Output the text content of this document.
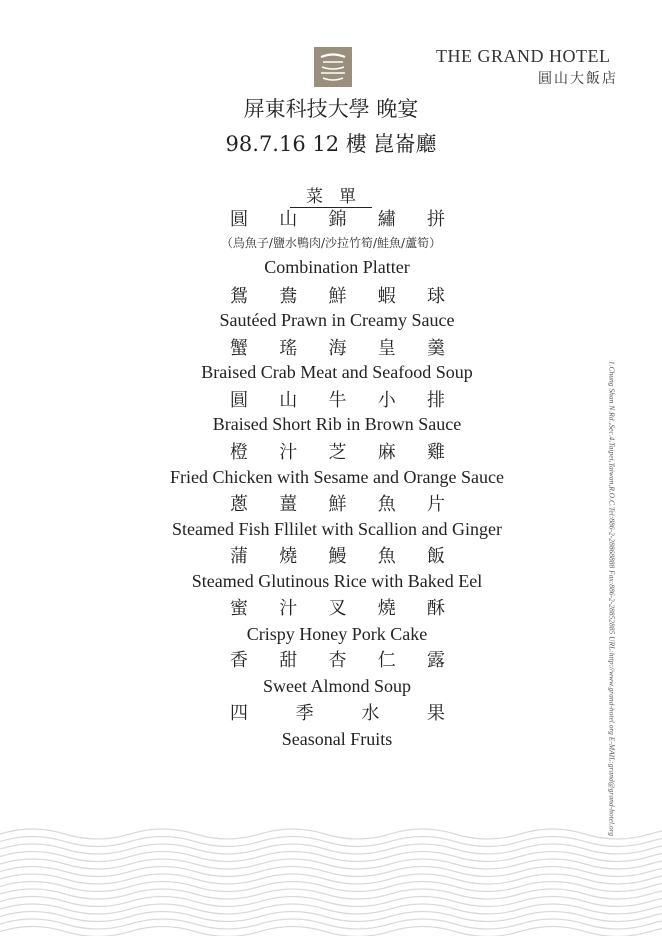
THE GRAND HOTEL
圓山大飯店
屏東科技大學 晚宴
98.7.16 12 樓 崑崙廳
菜單
（烏魚子/鹽水鴨肉/沙拉竹筍/鮭魚/蘆筍）
圓 山 錦 繡 拼
Combination Platter
鴛 鴦 鮮 蝦 球
Sautéed Prawn in Creamy Sauce
蟹 瑤 海 皇 羹
Braised Crab Meat and Seafood Soup
圓 山 牛 小 排
Braised Short Rib in Brown Sauce
橙 汁 芝 麻 雞
Fried Chicken with Sesame and Orange Sauce
蔥 薑 鮮 魚 片
Steamed Fish Fllilet with Scallion and Ginger
蒲 燒 鰻 魚 飯
Steamed Glutinous Rice with Baked Eel
蜜 汁 叉 燒 酥
Crispy Honey Pork Cake
香 甜 杏 仁 露
Sweet Almond Soup
四	季	水	果
Seasonal Fruits	1.Chung Shan N.Rd.,Sec.4,Taipei,Taiwan,R.O.C.Tel:886-2-28868888 Fax:886-2-28852885 URL:http://www.grand-hotel.org E-MAIL:grand@grand-hotel.org
